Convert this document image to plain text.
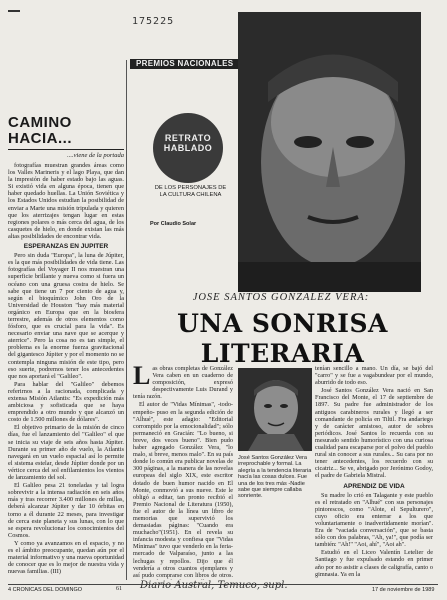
175225
CAMINO HACIA...
....viene de la portada

fotografías muestran grandes áreas como los Valles Marineris y el lago Playa, que dan la impresión de haber estado bajo las aguas. Si existió vida en alguna época, tienen que haber quedado huellas. La Unión Soviética y los Estados Unidos estudian la posibilidad de enviar a Marte una misión tripulada y quieren que los aterrizajes tengan lugar en estas regiones polares o más cerca del agua, de los casquetes de hielo, en donde existan las más altas posibilidades de encontrar vida.

ESPERANZAS EN JUPITER

Pero sin duda "Europa", la luna de Júpiter, es la que más posibilidades de vida tiene. Las fotografías del Voyager II nos muestran una superficie brillante y nueva como si fuera un océano con una gruesa costra de hielo. Se sabe que tiene un 7 por ciento de agua y, según el bioquímico John Oro de la Universidad de Houston "hay más material orgánico en Europa que en la biosfera terrestre, además de otros elementos como fósforo, que es crucial para la vida". Es necesario enviar una nave que se acerque y aterrice". Pero la cosa no es tan simple, el problema es la enorme fuerza gravitacional del gigantesco Júpiter y por el momento no se contempla ninguna misión de este tipo, pero eso suerte, podremos tener los antecedentes que nos aportará el "Galileo".

Para hablar del "Galileo" debemos referirnos a la racionada, complicada y extensa Misión Atlantis: "Es expedición más ambiciosa y sofisticada que se haya emprendido a otro mundo y que alcanzó un costo de 1.500 millones de dólares".

El objetivo primario de la misión de cinco días, fue el lanzamiento del "Galileo" el que se inicia su viaje de seis años hasta Júpiter. Durante su primer año de vuelo, la Atlantis navegará en un vuelo espacial así lo permite el sistema estelar, desde Júpiter donde por un vértice cerca del sol enfilamientos los vientos de lanzamiento del sol.

El Galileo pesa 21 toneladas y tal logra sobrevivir a la intensa radiación en seis años más y tras recorrer 3.400 millones de millas, deberá alcanzar Júpiter y dar 10 órbitas en torno a él durante 22 meses, para investigar de cerca este planeta y sus lunas, con lo que se espera revolucionar los conocimientos del Cosmos.

Y como ya avanzamos en el espacio, y no es el ámbito preocupante, quedan aún por el material informativo y una nueva oportunidad de conocer que es lo mejor de nuestra vida y nuevas familias. (III)

PREMIOS NACIONALES
RETRATO
HABLADO
DE LOS PERSONAJES DE
LA CULTURA CHILENA
Por Claudio Solar
JOSE SANTOS GONZALEZ VERA:
UNA SONRISA LITERARIA
L as obras completas de González Vera caben en un cuaderno de composición, expresó despectivamente Luis Durand y tenía razón.

El autor de "Vidas Mínimas", -todo-empeño- puso en la segunda edición de "Alhué", este adagio: "Editorial corrompido por la emocionalidad"; sólo permaneció en Gracián: "Lo bueno, si breve, dos veces bueno". Bien pudo haber agregado González Vera, "lo malo, si breve, menos malo". En su país donde lo común era publicar novelas de 300 páginas, a la manera de las novelas europeas del siglo XIX, este escritor dotado de buen humor nacido en El Monte, conmovió a sus nueve. Este le obligó a editar, tan pronto recibió el Premio Nacional de Literatura (1950), fue el autor de la línea un libro de memorias que supervivió los demasiadas páginas: "Cuando era muchacho"(1951). En el revela su infancia modesta y confiesa que "Vidas Mínimas" tuvo que venderlo en la feria-mercado de Valparaíso, junto a las lechugas y repollos. Dijo que él vendería a otros cuantos ejemplares y así pudo comprarse con libros de otros.

José Santos González Vera irreprochable y formal. La alegría a la tendencia literaria hacía las cosas dulces. Fue una de los tres más -Nadie sabe que siempre callaba sonriente.

tenían sencillo a mano. Un día, se bajó del "carro" y se fue a vagabundear por el mundo, aburrido de todo eso.

José Santos González Vera nació en San Francisco del Monte, el 17 de septiembre de 1897. Su padre fue administrador de los antiguos carabineros rurales y llegó a ser comandante de policía en Tiltil. Fra andariego y de carácter amistoso, autor de sobres periódicos. José Santos lo recuerda con su mesurado sentido humorístico con una curiosa cualidad para escaparse por el polvo del pueblo rural sin conocer a sus rurales... Su cara por no tener antecedentes, los recuerdo con su cicatriz... Se ve, abrigado por Jerónimo Godoy, el padre de Gabriela Mistral.

APRENDIZ DE VIDA

Su madre lo crió en Talagante y este pueblo es el retratado en "Alhué" con sus personajes pintorescos, como "Alote, el Sepulturero", cuyo oficio era enterrar a los que voluntariamente o inadvertidamente morían". Era de "vaciada conversación", que se basta sólo con dos palabras, "Ah, ya!", que podía ser también: "Ah!" "Aoi, ahí", "Aoi ah".

Estudió en el Liceo Valentín Letelier de Santiago y fue expulsado estando en primer año por no asistir a clases de caligrafía, canto o gimnasia. Ya en la

4 CRONICAS DEL DOMINGO	61 Diario Austral, Temuco, supl.	17 de noviembre de 1989
